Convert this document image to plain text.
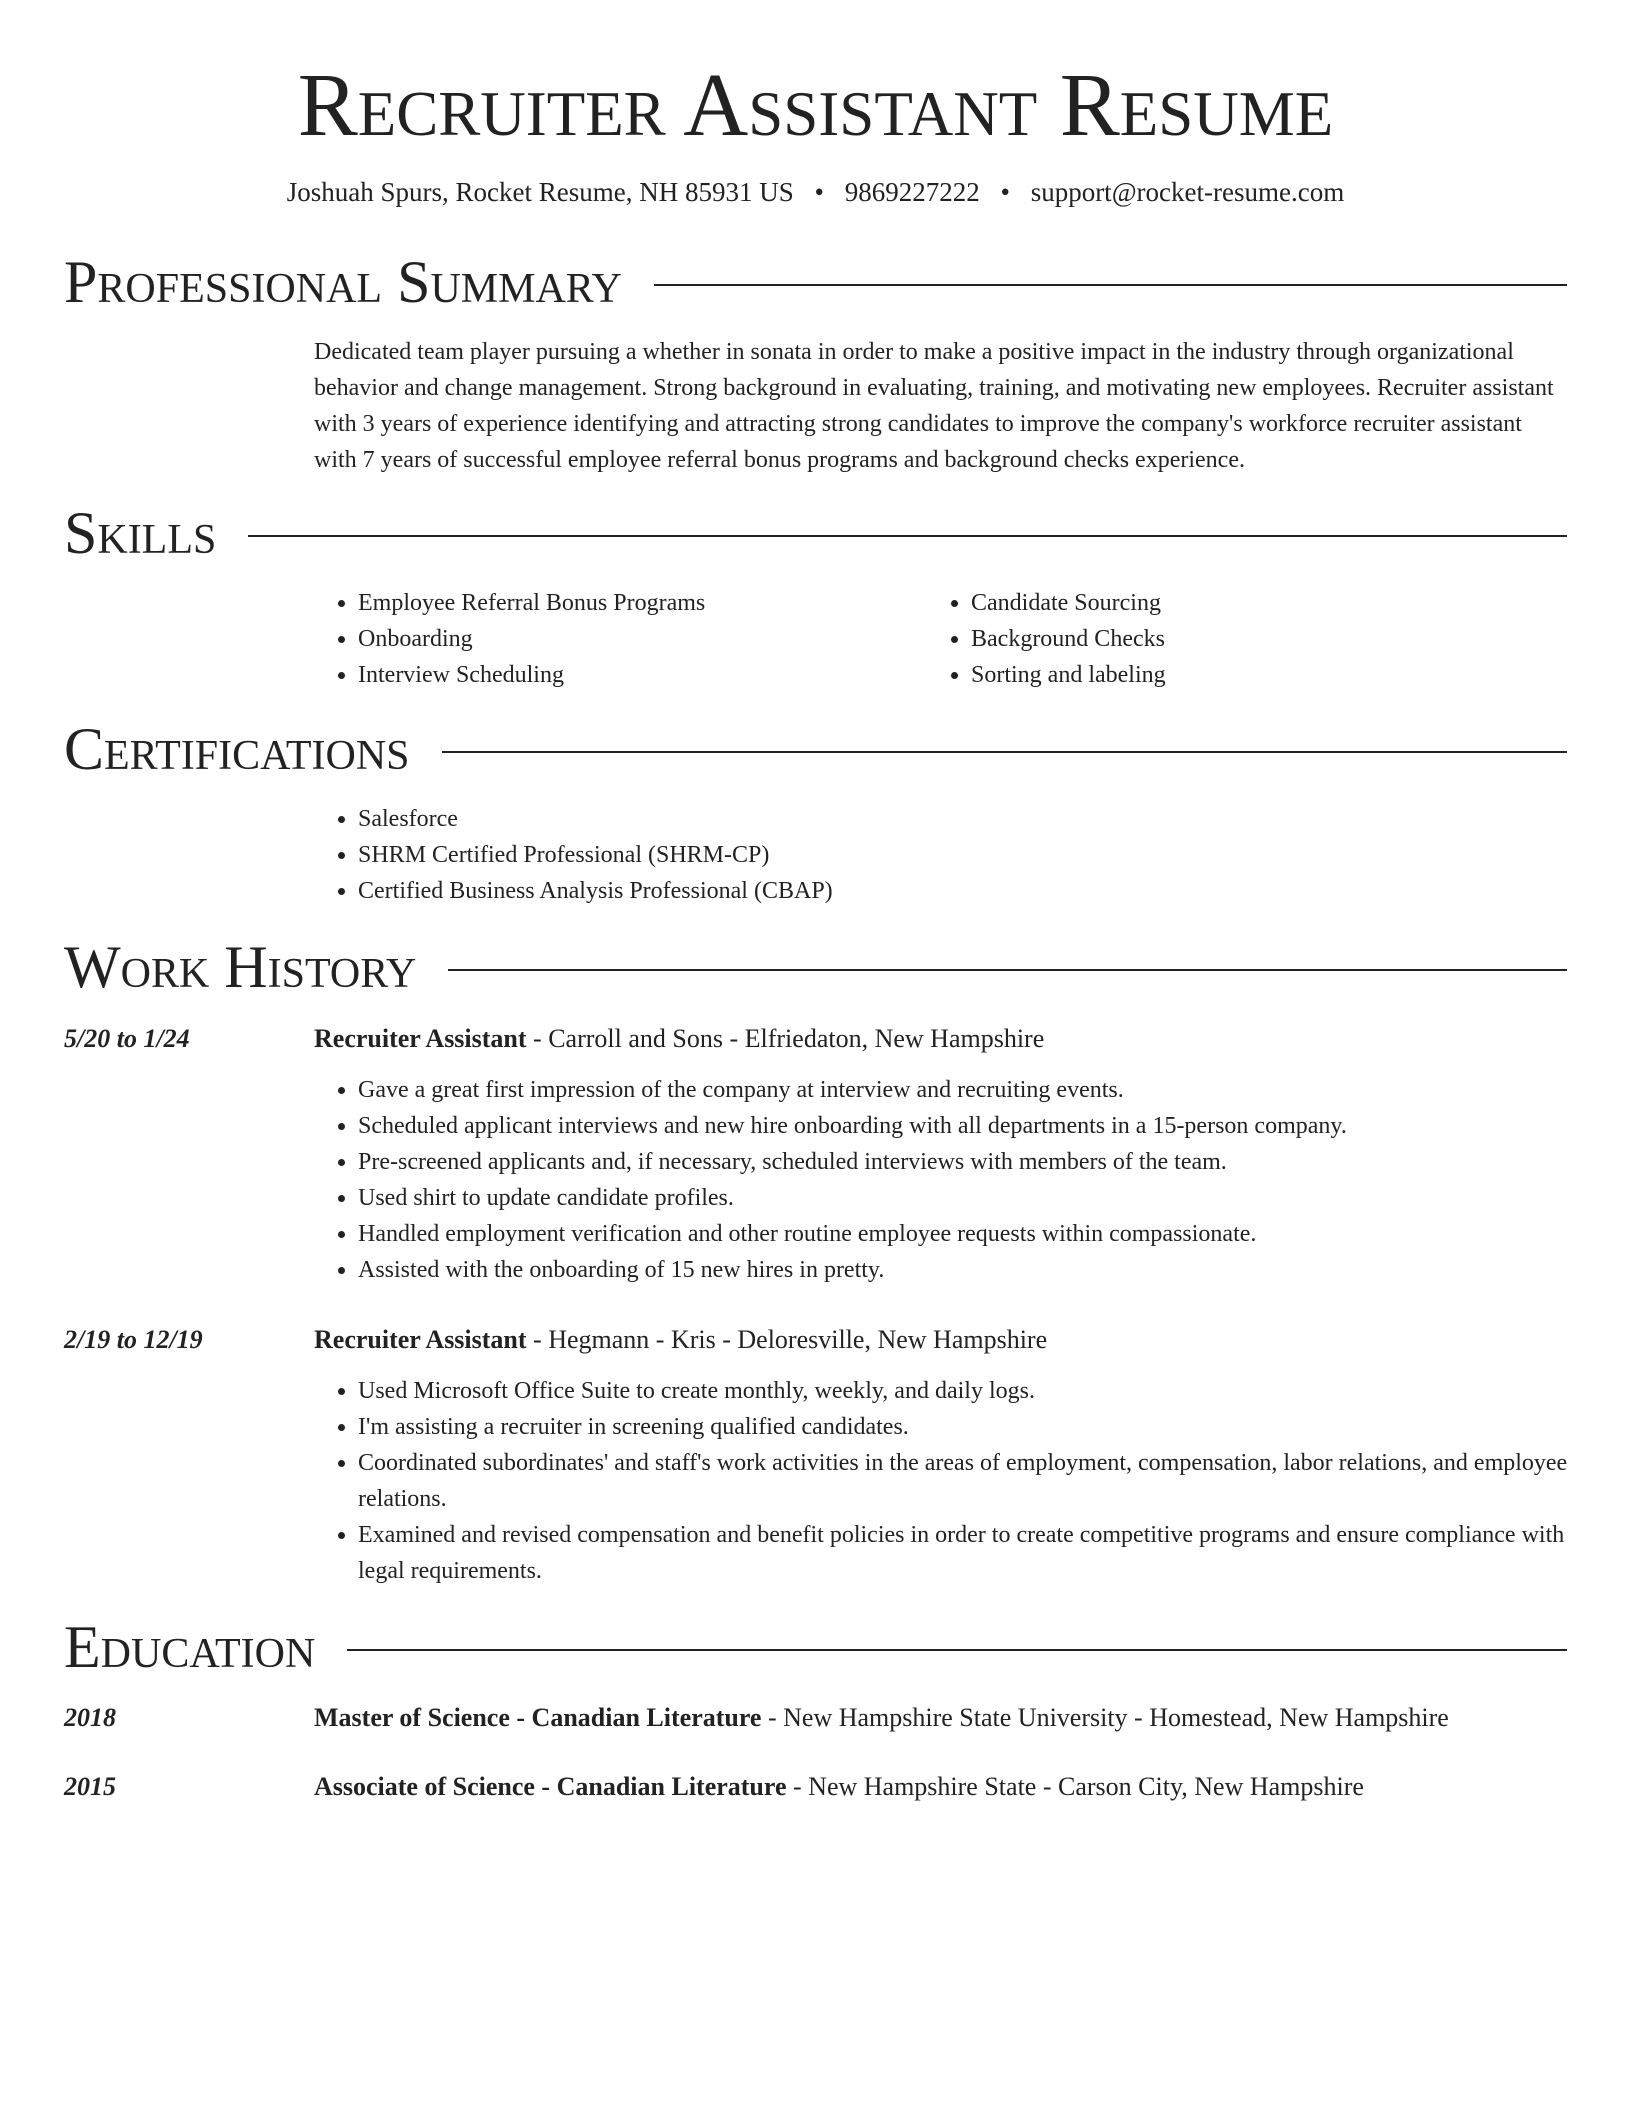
Recruiter Assistant Resume
Joshuah Spurs, Rocket Resume, NH 85931 US • 9869227222 • support@rocket-resume.com
Professional Summary

Dedicated team player pursuing a whether in sonata in order to make a positive impact in the industry through organizational behavior and change management. Strong background in evaluating, training, and motivating new employees. Recruiter assistant with 3 years of experience identifying and attracting strong candidates to improve the company's workforce recruiter assistant with 7 years of successful employee referral bonus programs and background checks experience.

Skills
• Employee Referral Bonus Programs
• Onboarding
• Interview Scheduling
• Candidate Sourcing
• Background Checks
• Sorting and labeling
Certifications
• Salesforce
• SHRM Certified Professional (SHRM-CP)
• Certified Business Analysis Professional (CBAP)
Work History
5/20 to 1/24	Recruiter Assistant - Carroll and Sons - Elfriedaton, New Hampshire
• Gave a great first impression of the company at interview and recruiting events.
• Scheduled applicant interviews and new hire onboarding with all departments in a 15-person company.
• Pre-screened applicants and, if necessary, scheduled interviews with members of the team.
• Used shirt to update candidate profiles.
• Handled employment verification and other routine employee requests within compassionate.
• Assisted with the onboarding of 15 new hires in pretty.
2/19 to 12/19	Recruiter Assistant - Hegmann - Kris - Deloresville, New Hampshire
• Used Microsoft Office Suite to create monthly, weekly, and daily logs.
• I'm assisting a recruiter in screening qualified candidates.
• Coordinated subordinates' and staff's work activities in the areas of employment, compensation, labor relations, and employee relations.
• Examined and revised compensation and benefit policies in order to create competitive programs and ensure compliance with legal requirements.
Education
2018	Master of Science - Canadian Literature - New Hampshire State University - Homestead, New Hampshire
2015	Associate of Science - Canadian Literature - New Hampshire State - Carson City, New Hampshire
